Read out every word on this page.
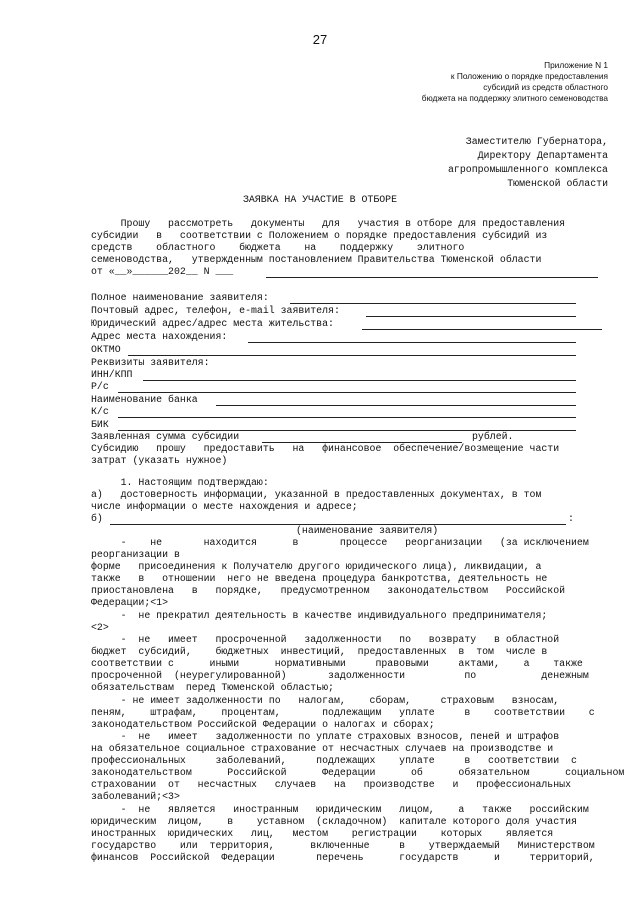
27
Приложение N 1
к Положению о порядке предоставления
субсидий из средств областного
бюджета на поддержку элитного семеноводства
Заместителю Губернатора,
Директору Департамента
агропромышленного комплекса
Тюменской области
ЗАЯВКА НА УЧАСТИЕ В ОТБОРЕ
Прошу   рассмотреть   документы   для   участия в отборе для предоставления
субсидии   в   соответствии с Положением о порядке предоставления субсидий из
средств    областного    бюджета    на    поддержку    элитного
семеноводства,   утвержденным постановлением Правительства Тюменской области
от «__»______202__ N ___
Полное наименование заявителя:
Почтовый адрес, телефон, e-mail заявителя:
Юридический адрес/адрес места жительства:
Адрес места нахождения:
ОКТМО
Реквизиты заявителя:
ИНН/КПП
Р/с
Наименование банка
К/с
БИК
Заявленная сумма субсидии	рублей.
Субсидию   прошу   предоставить   на   финансовое  обеспечение/возмещение части
затрат (указать нужное)
1. Настоящим подтверждаю:
а)   достоверность информации, указанной в предоставленных документах, в том
числе информации о месте нахождения и адресе;
б)	:
(наименование заявителя)
-    не       находится      в       процессе   реорганизации   (за исключением
реорганизации в
форме   присоединения к Получателю другого юридического лица), ликвидации, а
также   в   отношении  него не введена процедура банкротства, деятельность не
приостановлена   в   порядке,   предусмотренном   законодательством   Российской
Федерации;<1>
-  не прекратил деятельность в качестве индивидуального предпринимателя;
<2>
-  не   имеет   просроченной   задолженности   по   возврату   в областной
бюджет  субсидий,    бюджетных  инвестиций,  предоставленных  в  том  числе в
соответствии с      иными      нормативными     правовыми     актами,    а    также
просроченной  (неурегулированной)       задолженности          по           денежным
обязательствам  перед Тюменской областью;
- не имеет задолженности по   налогам,    сборам,     страховым   взносам,
пеням,    штрафам,    процентам,       подлежащим   уплате     в    соответствии    с
законодательством Российской Федерации о налогах и сборах;
-  не   имеет   задолженности по уплате страховых взносов, пеней и штрафов
на обязательное социальное страхование от несчастных случаев на производстве и
профессиональных     заболеваний,     подлежащих    уплате     в   соответствии  с
законодательством      Российской      Федерации      об      обязательном      социальном
страховании  от   несчастных   случаев   на   производстве   и   профессиональных
заболеваний;<3>
-  не   является   иностранным   юридическим   лицом,    а   также   российским
юридическим  лицом,    в    уставном  (складочном)  капитале которого доля участия
иностранных  юридических   лиц,   местом    регистрации    которых    является
государство    или  территория,      включенные     в    утверждаемый   Министерством
финансов  Российской  Федерации       перечень      государств      и     территорий,
